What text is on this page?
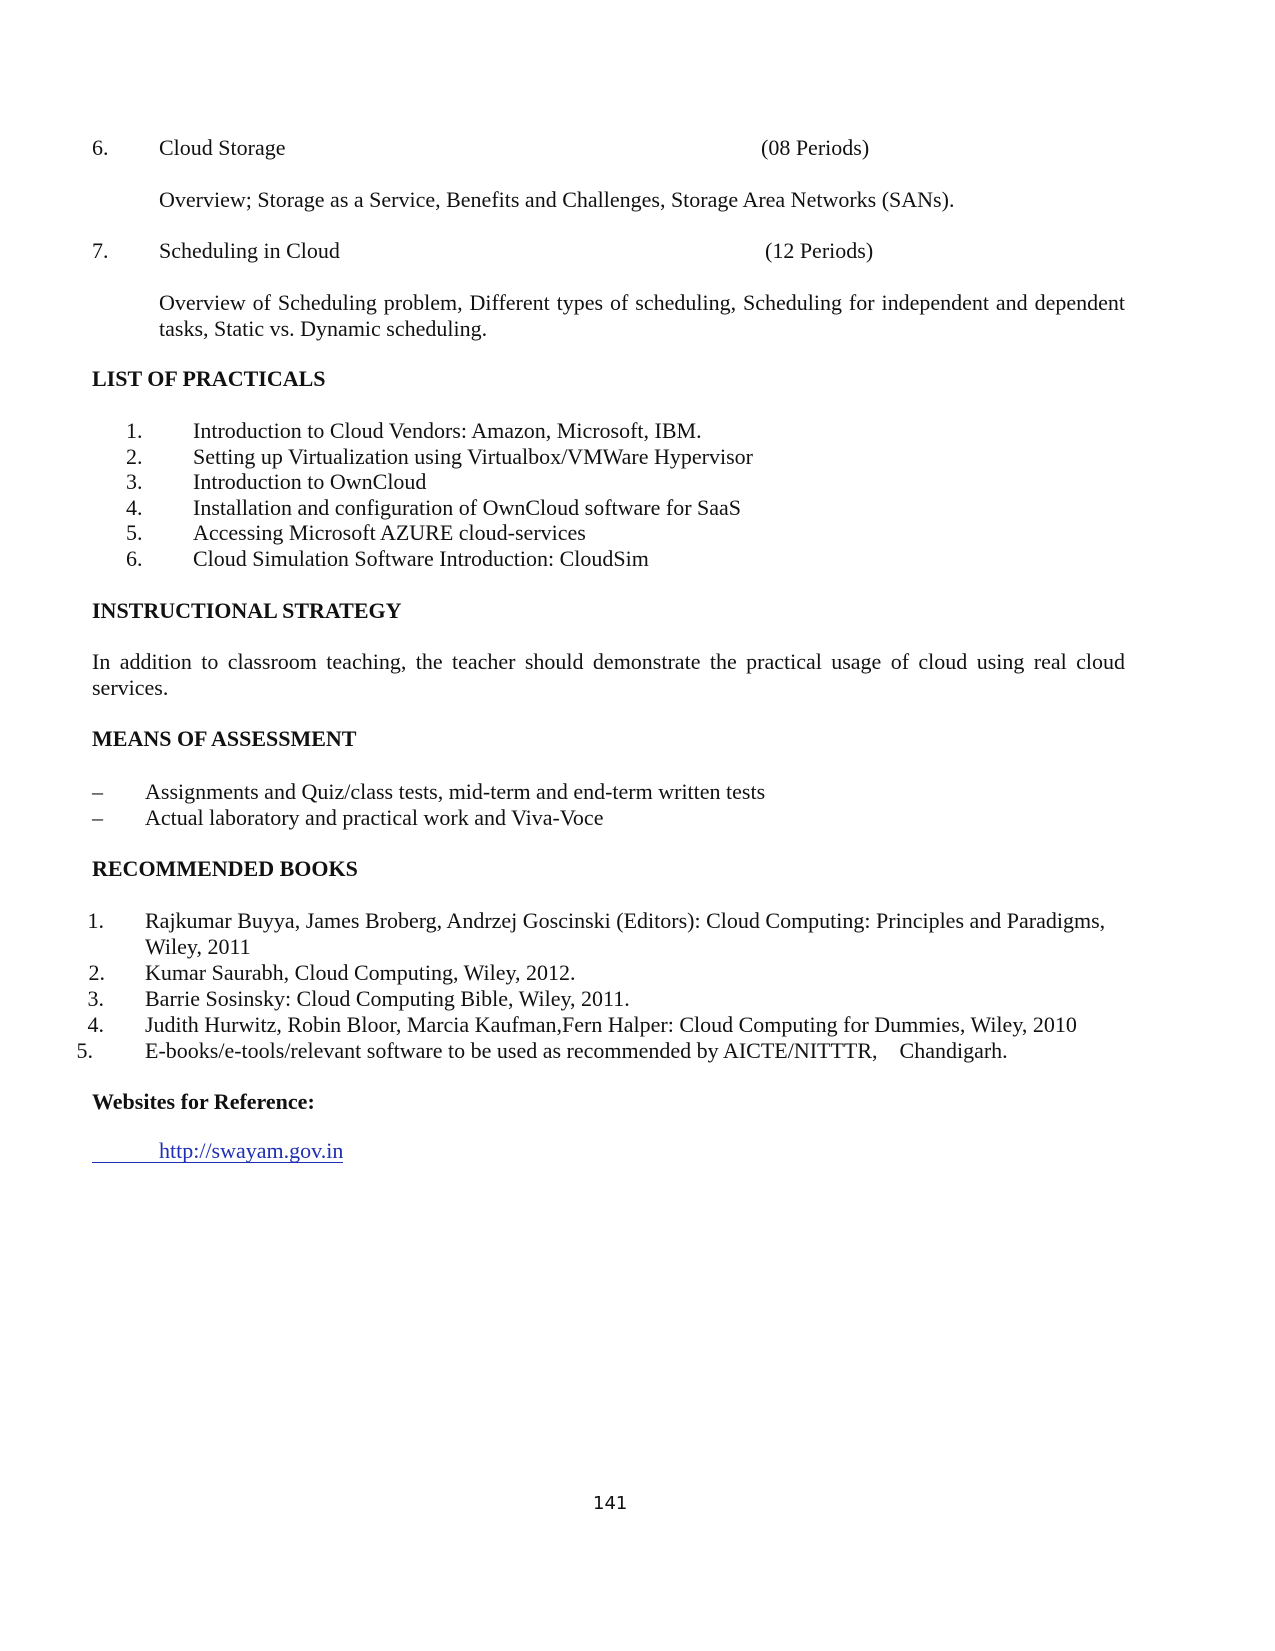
6. Cloud Storage	(08 Periods)
Overview; Storage as a Service, Benefits and Challenges, Storage Area Networks (SANs).
7. Scheduling in Cloud	(12 Periods)
Overview of Scheduling problem, Different types of scheduling, Scheduling for independent and dependent tasks, Static vs. Dynamic scheduling.
LIST OF PRACTICALS
1. Introduction to Cloud Vendors: Amazon, Microsoft, IBM.
2. Setting up Virtualization using Virtualbox/VMWare Hypervisor
3. Introduction to OwnCloud
4. Installation and configuration of OwnCloud software for SaaS
5. Accessing Microsoft AZURE cloud-services
6. Cloud Simulation Software Introduction: CloudSim
INSTRUCTIONAL STRATEGY
In addition to classroom teaching, the teacher should demonstrate the practical usage of cloud using real cloud services.
MEANS OF ASSESSMENT
– Assignments and Quiz/class tests, mid-term and end-term written tests
– Actual laboratory and practical work and Viva-Voce
RECOMMENDED BOOKS
1. Rajkumar Buyya, James Broberg, Andrzej Goscinski (Editors): Cloud Computing: Principles and Paradigms,
Wiley, 2011
2. Kumar Saurabh, Cloud Computing, Wiley, 2012.
3. Barrie Sosinsky: Cloud Computing Bible, Wiley, 2011.
4. Judith Hurwitz, Robin Bloor, Marcia Kaufman,Fern Halper: Cloud Computing for Dummies, Wiley, 2010
5. E-books/e-tools/relevant software to be used as recommended by AICTE/NITTTR,    Chandigarh.
Websites for Reference:
http://swayam.gov.in
141
